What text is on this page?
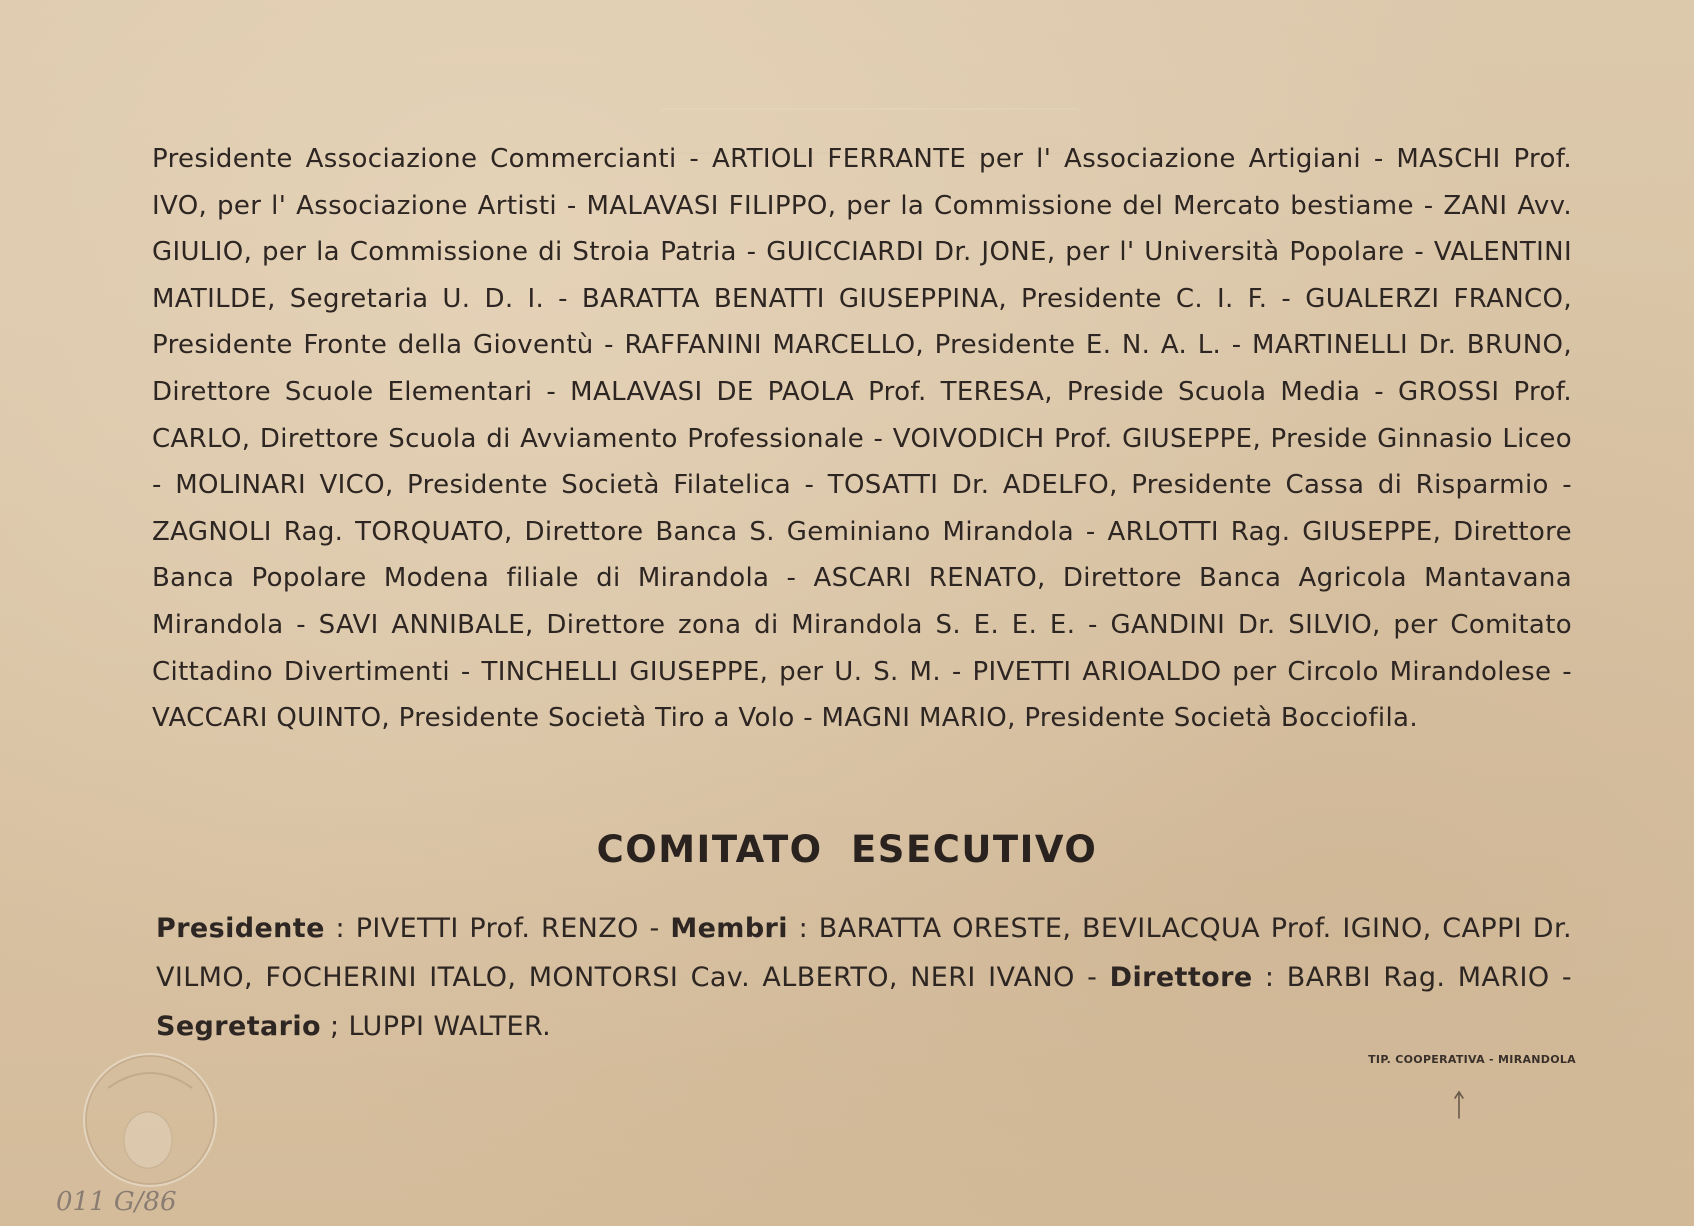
Presidente Associazione Commercianti - ARTIOLI FERRANTE per l' Associazione Artigiani - MASCHI Prof. IVO, per l' Associazione Artisti - MALAVASI FILIPPO, per la Commissione del Mercato bestiame - ZANI Avv. GIULIO, per la Commissione di Stroia Patria - GUICCIARDI Dr. JONE, per l' Università Popolare - VALENTINI MATILDE, Segretaria U. D. I. - BARATTA BENATTI GIUSEPPINA, Presidente C. I. F. - GUALERZI FRANCO, Presidente Fronte della Gioventù - RAFFANINI MARCELLO, Presidente E. N. A. L. - MARTINELLI Dr. BRUNO, Direttore Scuole Elementari - MALAVASI DE PAOLA Prof. TERESA, Preside Scuola Media - GROSSI Prof. CARLO, Direttore Scuola di Avviamento Professionale - VOIVODICH Prof. GIUSEPPE, Preside Ginnasio Liceo - MOLINARI VICO, Presidente Società Filatelica - TOSATTI Dr. ADELFO, Presidente Cassa di Risparmio - ZAGNOLI Rag. TORQUATO, Direttore Banca S. Geminiano Mirandola - ARLOTTI Rag. GIUSEPPE, Direttore Banca Popolare Modena filiale di Mirandola - ASCARI RENATO, Direttore Banca Agricola Mantavana Mirandola - SAVI ANNIBALE, Direttore zona di Mirandola S. E. E. E. - GANDINI Dr. SILVIO, per Comitato Cittadino Divertimenti - TINCHELLI GIUSEPPE, per U. S. M. - PIVETTI ARIOALDO per Circolo Mirandolese - VACCARI QUINTO, Presidente Società Tiro a Volo - MAGNI MARIO, Presidente Società Bocciofila.
COMITATO ESECUTIVO
Presidente : PIVETTI Prof. RENZO - Membri : BARATTA ORESTE, BEVILACQUA Prof. IGINO, CAPPI Dr. VILMO, FOCHERINI ITALO, MONTORSI Cav. ALBERTO, NERI IVANO - Direttore : BARBI Rag. MARIO - Segretario ; LUPPI WALTER.
TIP. COOPERATIVA - MIRANDOLA
011 G/86
